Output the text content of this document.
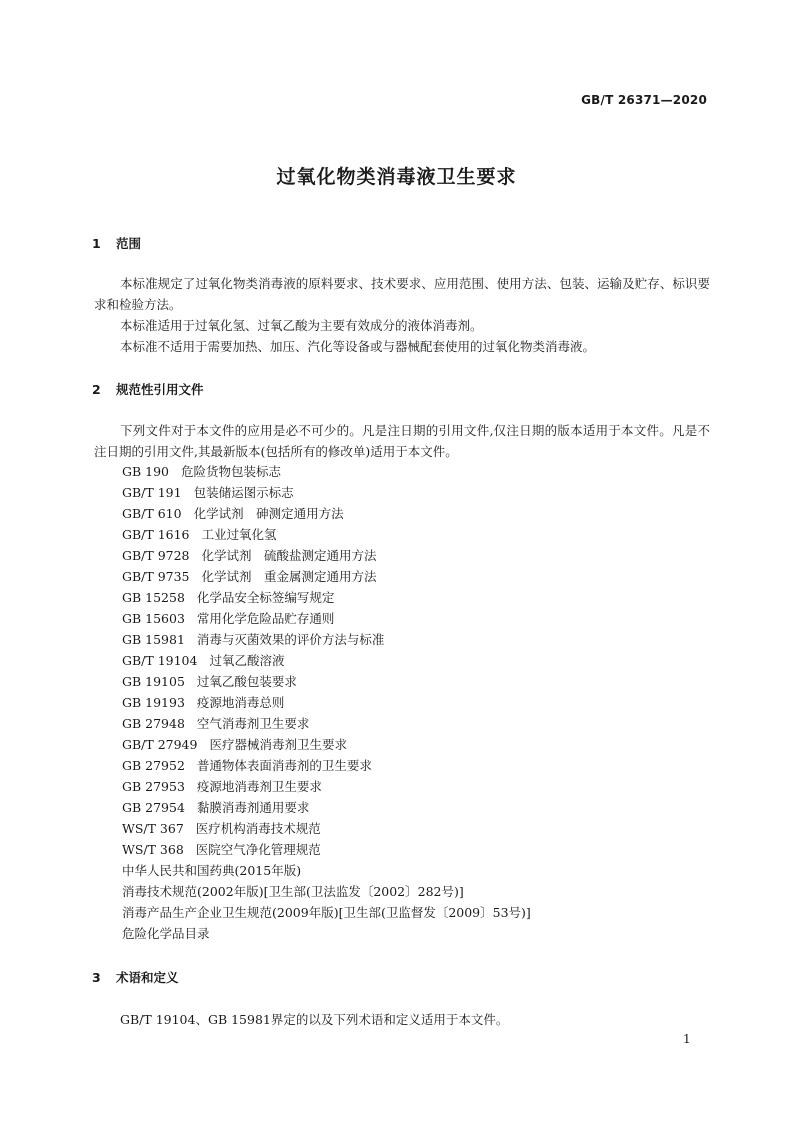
GB/T 26371—2020
过氧化物类消毒液卫生要求
1 范围

本标准规定了过氧化物类消毒液的原料要求、技术要求、应用范围、使用方法、包装、运输及贮存、标识要求和检验方法。

本标准适用于过氧化氢、过氧乙酸为主要有效成分的液体消毒剂。

本标准不适用于需要加热、加压、汽化等设备或与器械配套使用的过氧化物类消毒液。

2 规范性引用文件

下列文件对于本文件的应用是必不可少的。凡是注日期的引用文件,仅注日期的版本适用于本文件。凡是不注日期的引用文件,其最新版本(包括所有的修改单)适用于本文件。

GB 190 危险货物包装标志
GB/T 191 包装储运图示标志
GB/T 610 化学试剂　砷测定通用方法
GB/T 1616 工业过氧化氢
GB/T 9728 化学试剂　硫酸盐测定通用方法
GB/T 9735 化学试剂　重金属测定通用方法
GB 15258 化学品安全标签编写规定
GB 15603 常用化学危险品贮存通则
GB 15981 消毒与灭菌效果的评价方法与标准
GB/T 19104 过氧乙酸溶液
GB 19105 过氧乙酸包装要求
GB 19193 疫源地消毒总则
GB 27948 空气消毒剂卫生要求
GB/T 27949 医疗器械消毒剂卫生要求
GB 27952 普通物体表面消毒剂的卫生要求
GB 27953 疫源地消毒剂卫生要求
GB 27954 黏膜消毒剂通用要求
WS/T 367 医疗机构消毒技术规范
WS/T 368 医院空气净化管理规范
中华人民共和国药典(2015年版)
消毒技术规范(2002年版)[卫生部(卫法监发〔2002〕282号)]
消毒产品生产企业卫生规范(2009年版)[卫生部(卫监督发〔2009〕53号)]
危险化学品目录
3 术语和定义

GB/T 19104、GB 15981界定的以及下列术语和定义适用于本文件。

1
